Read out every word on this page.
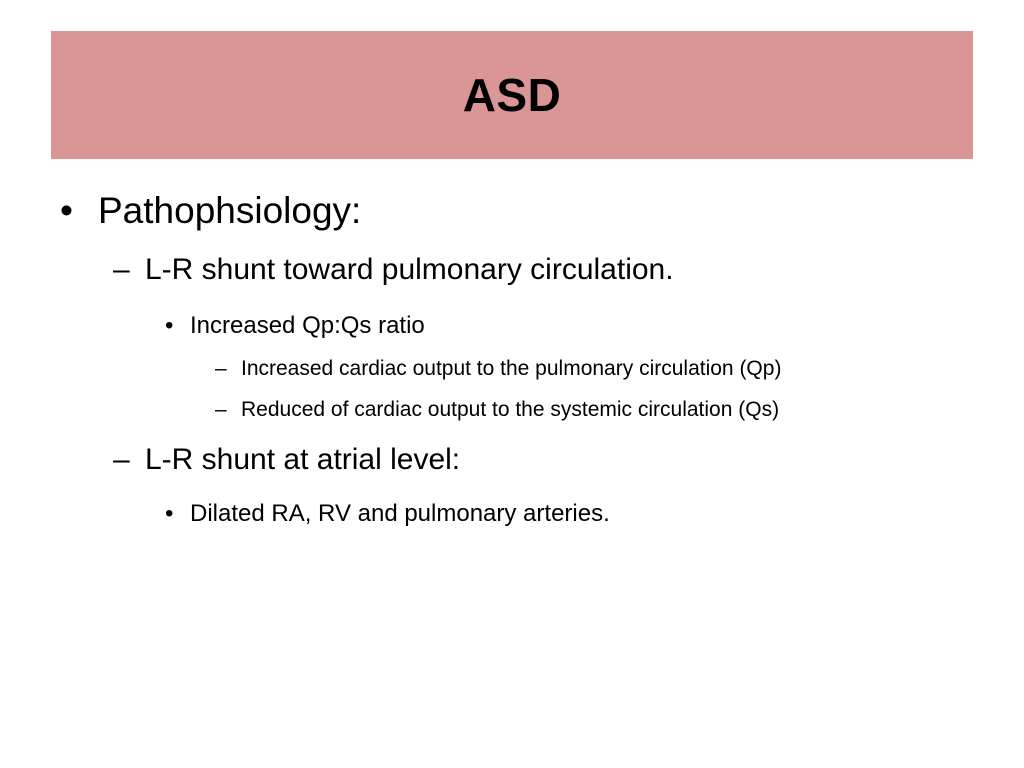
ASD
• Pathophsiology:
– L-R shunt toward pulmonary circulation.
• Increased Qp:Qs ratio
– Increased cardiac output to the pulmonary circulation (Qp)
– Reduced of cardiac output to the systemic circulation (Qs)
– L-R shunt at atrial level:
• Dilated RA, RV and pulmonary arteries.
